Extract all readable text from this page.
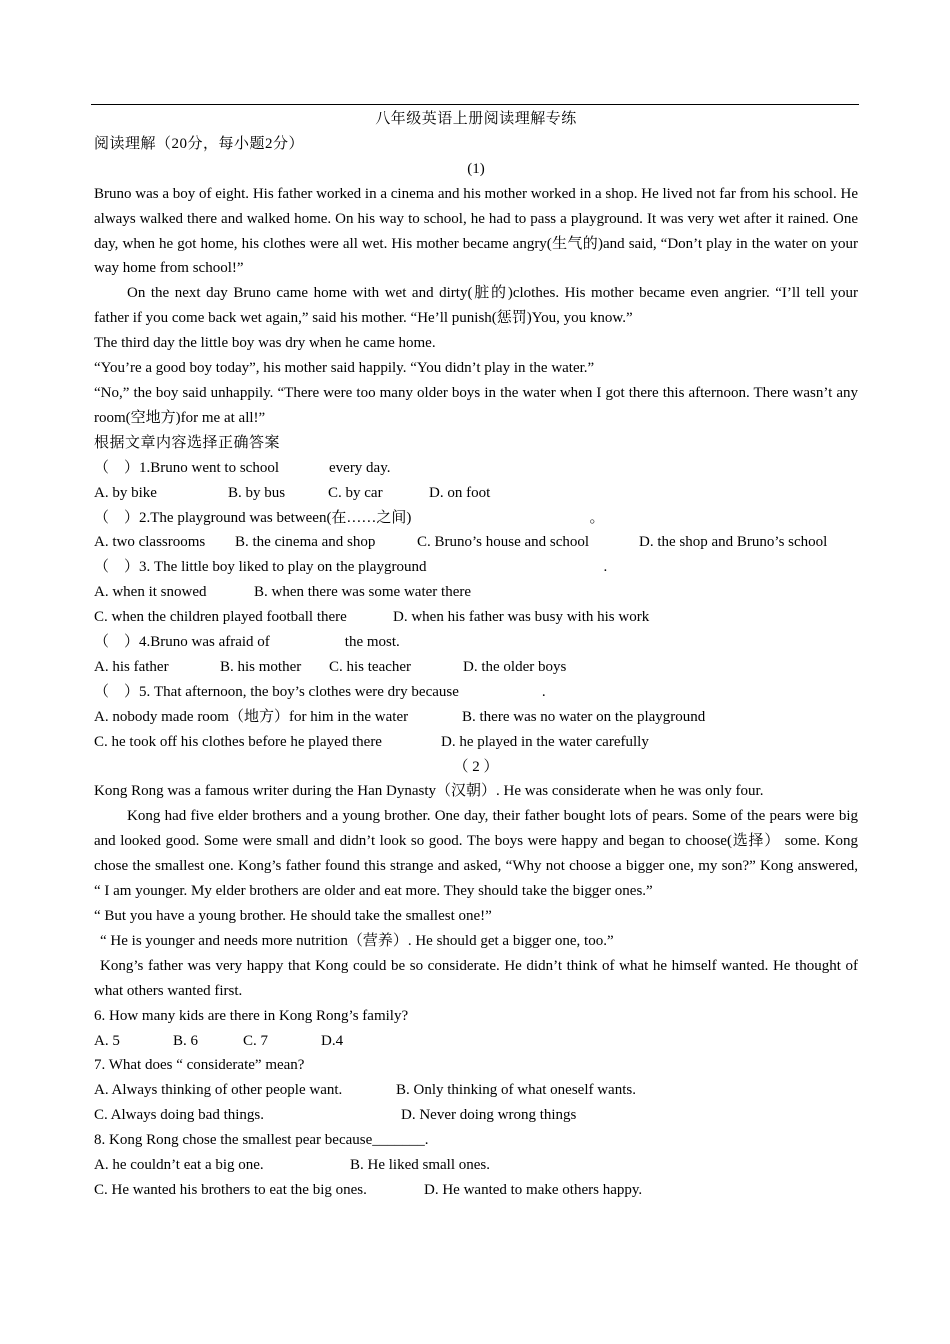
八年级英语上册阅读理解专练
阅读理解（20分，每小题2分）
(1)
Bruno was a boy of eight. His father worked in a cinema and his mother worked in a shop. He lived not far from his school. He always walked there and walked home. On his way to school, he had to pass a playground. It was very wet after it rained. One day, when he got home, his clothes were all wet. His mother became angry(生气的)and said, “Don’t play in the water on your way home from school!”
On the next day Bruno came home with wet and dirty(脏的)clothes. His mother became even angrier. “I’ll tell your father if you come back wet again,” said his mother. “He’ll punish(惩罚)You, you know.”
The third day the little boy was dry when he came home.
“You’re a good boy today”, his mother said happily. “You didn’t play in the water.”
“No,” the boy said unhappily. “There were too many older boys in the water when I got there this afternoon. There wasn’t any room(空地方)for me at all!”
根据文章内容选择正确答案
（　）1.Bruno went to school	every day.
A. by bike	B. by bus	C. by car	D. on foot
（　）2.The playground was between(在……之间)	。
A. two classrooms	B. the cinema and shop	C. Bruno’s house and school	D. the shop and Bruno’s school
（　）3. The little boy liked to play on the playground	.
A. when it snowed	B. when there was some water there
C. when the children played football there	D. when his father was busy with his work
（　）4.Bruno was afraid of	the most.
A. his father	B. his mother	C. his teacher	D. the older boys
（　）5. That afternoon, the boy’s clothes were dry because	.
A. nobody made room（地方）for him in the water	B. there was no water on the playground
C. he took off his clothes before he played there	D. he played in the water carefully
（ 2 ）
Kong Rong was a famous writer during the Han Dynasty（汉朝）. He was considerate when he was only four.
Kong had five elder brothers and a young brother. One day, their father bought lots of pears. Some of the pears were big and looked good. Some were small and didn’t look so good. The boys were happy and began to choose(选择） some. Kong chose the smallest one. Kong’s father found this strange and asked, “Why not choose a bigger one, my son?” Kong answered, “ I am younger. My elder brothers are older and eat more. They should take the bigger ones.”
“ But you have a young brother. He should take the smallest one!”
“ He is younger and needs more nutrition（营养）. He should get a bigger one, too.”
Kong’s father was very happy that Kong could be so considerate. He didn’t think of what he himself wanted. He thought of what others wanted first.
6. How many kids are there in Kong Rong’s family?
A. 5	B. 6	C. 7	D.4
7. What does “ considerate” mean?
A. Always thinking of other people want.	B. Only thinking of what oneself wants.
C. Always doing bad things.	D. Never doing wrong things
8. Kong Rong chose the smallest pear because_______.
A. he couldn’t eat a big one.	B. He liked small ones.
C. He wanted his brothers to eat the big ones.	D. He wanted to make others happy.
